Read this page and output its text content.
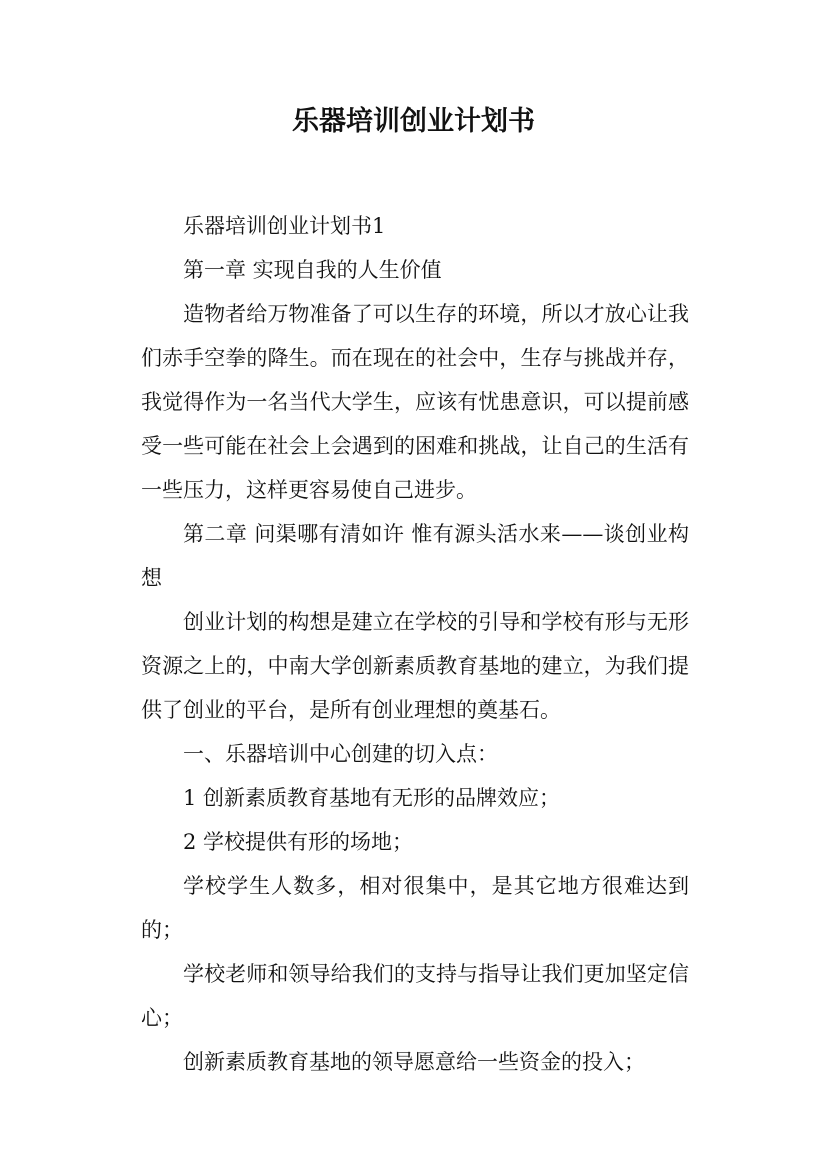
乐器培训创业计划书

乐器培训创业计划书1

第一章 实现自我的人生价值

造物者给万物准备了可以生存的环境，所以才放心让我们赤手空拳的降生。而在现在的社会中，生存与挑战并存，我觉得作为一名当代大学生，应该有忧患意识，可以提前感受一些可能在社会上会遇到的困难和挑战，让自己的生活有一些压力，这样更容易使自己进步。

第二章 问渠哪有清如许 惟有源头活水来——谈创业构想

创业计划的构想是建立在学校的引导和学校有形与无形资源之上的，中南大学创新素质教育基地的建立，为我们提供了创业的平台，是所有创业理想的奠基石。

一、乐器培训中心创建的切入点：

1 创新素质教育基地有无形的品牌效应；

2 学校提供有形的场地；

学校学生人数多，相对很集中，是其它地方很难达到的；

学校老师和领导给我们的支持与指导让我们更加坚定信心；

创新素质教育基地的领导愿意给一些资金的投入；
